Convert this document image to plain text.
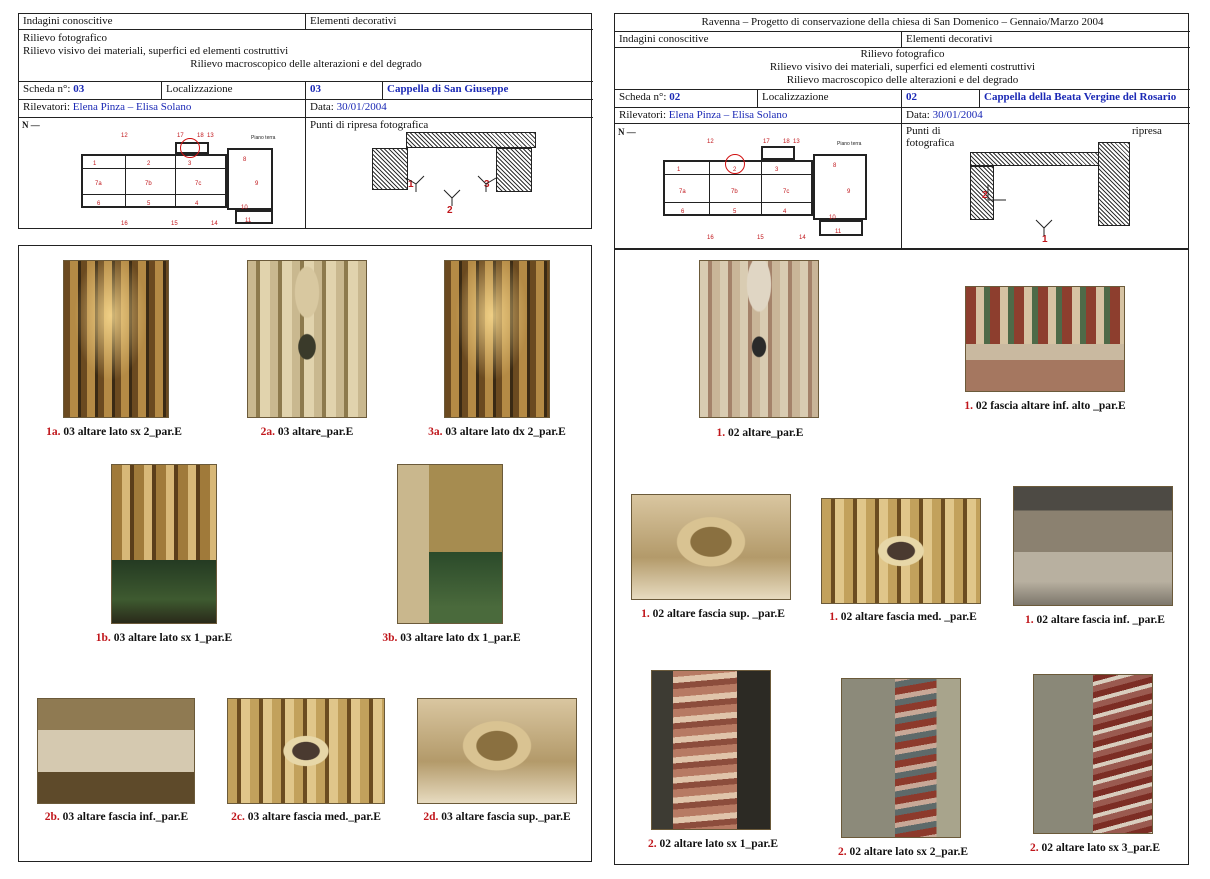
Indagini conoscitive	Elementi decorativi
Rilievo fotografico
Rilievo visivo dei materiali, superfici ed elementi costruttivi
Rilievo macroscopico delle alterazioni e del degrado
Scheda n°: 03	Localizzazione	03	Cappella di San Giuseppe
Rilevatori: Elena Pinza – Elisa Solano	Data: 30/01/2004
N —
1	2	3
7a	7b	7c
8
9
10
11
6	5	4
12	17 18 13
16	15	14
Piano terra
Punti di ripresa fotografica
1
2
3
1a. 03 altare lato sx 2_par.E	2a. 03 altare_par.E	3a. 03 altare lato dx 2_par.E
1b. 03 altare lato sx 1_par.E	3b. 03 altare lato dx 1_par.E
2b. 03 altare fascia inf._par.E	2c. 03 altare fascia med._par.E	2d. 03 altare fascia sup._par.E
Ravenna – Progetto di conservazione della chiesa di San Domenico – Gennaio/Marzo 2004
Indagini conoscitive	Elementi decorativi
Rilievo fotografico
Rilievo visivo dei materiali, superfici ed elementi costruttivi
Rilievo macroscopico delle alterazioni e del degrado
Scheda n°: 02	Localizzazione	02	Cappella della Beata Vergine del Rosario
Rilevatori: Elena Pinza – Elisa Solano	Data: 30/01/2004
N —
1	2	3
7a	7b	7c
8
9
10
11
6	5	4
12	17 18 13
16	15	14
Piano terra
Punti di
fotografica
ripresa
2
1
1. 02 altare_par.E
1. 02 fascia altare inf. alto _par.E
1. 02 altare fascia sup. _par.E	1. 02 altare fascia med. _par.E	1. 02 altare fascia inf. _par.E
2. 02 altare lato sx 1_par.E
2. 02 altare lato sx 2_par.E	2. 02 altare lato sx 3_par.E
